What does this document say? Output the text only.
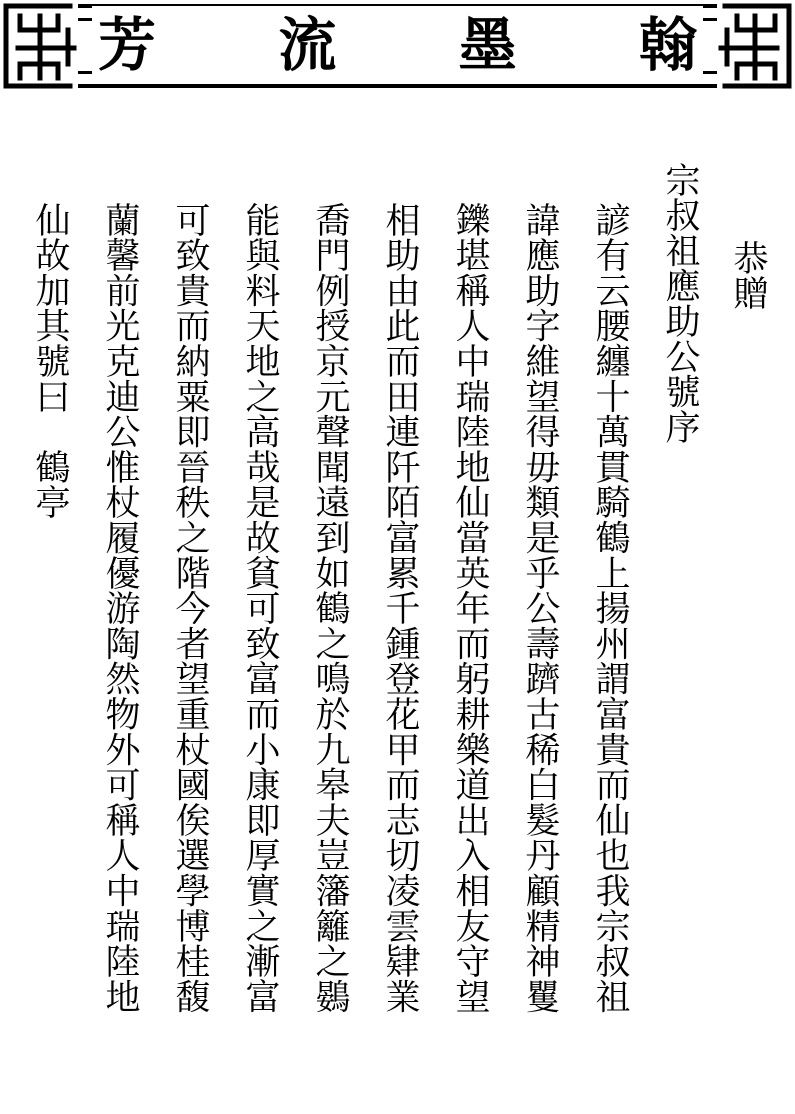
芳 流 墨 翰
恭贈
宗叔祖應助公號序
諺有云腰纏十萬貫騎鶴上揚州謂富貴而仙也我宗叔祖
諱應助字維望得毋類是乎公壽躋古稀白髮丹顧精神矍
鑠堪稱人中瑞陸地仙當英年而躬耕樂道出入相友守望
相助由此而田連阡陌富累千鍾登花甲而志切凌雲肄業
喬門例授京元聲聞遠到如鶴之鳴於九皋夫豈籓籬之鷃
能與料天地之高哉是故貧可致富而小康即厚實之漸富
可致貴而納粟即晉秩之階今者望重杖國俟選學博桂馥
蘭馨前光克迪公惟杖履優游陶然物外可稱人中瑞陸地
仙故加其號曰　鶴亭
